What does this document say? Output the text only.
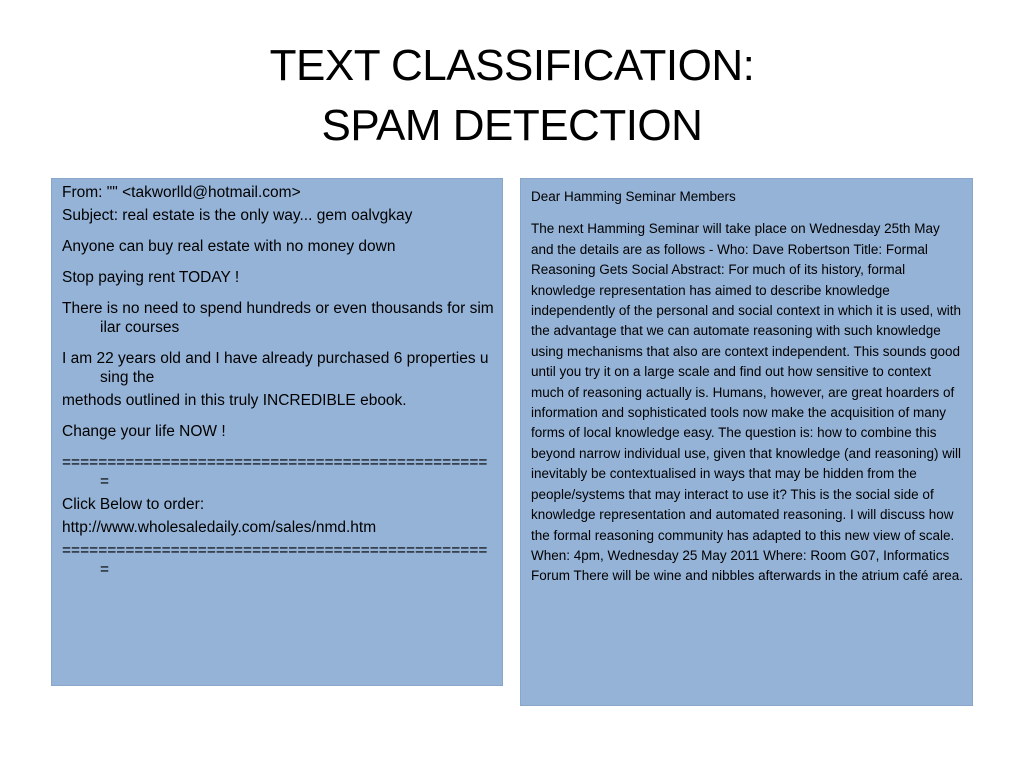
TEXT CLASSIFICATION:
SPAM DETECTION

From: "" <takworlld@hotmail.com>

Subject: real estate is the only way... gem oalvgkay

Anyone can buy real estate with no money down

Stop paying rent TODAY !

There is no need to spend hundreds or even thousands for similar courses

I am 22 years old and I have already purchased 6 properties using the

methods outlined in this truly INCREDIBLE ebook.

Change your life NOW !

================================================

Click Below to order:

http://www.wholesaledaily.com/sales/nmd.htm

================================================

Dear Hamming Seminar Members

The next Hamming Seminar will take place on Wednesday 25th May and the details are as follows - Who: Dave Robertson Title: Formal Reasoning Gets Social Abstract: For much of its history, formal knowledge representation has aimed to describe knowledge independently of the personal and social context in which it is used, with the advantage that we can automate reasoning with such knowledge using mechanisms that also are context independent. This sounds good until you try it on a large scale and find out how sensitive to context much of reasoning actually is. Humans, however, are great hoarders of information and sophisticated tools now make the acquisition of many forms of local knowledge easy. The question is: how to combine this beyond narrow individual use, given that knowledge (and reasoning) will inevitably be contextualised in ways that may be hidden from the people/systems that may interact to use it? This is the social side of knowledge representation and automated reasoning. I will discuss how the formal reasoning community has adapted to this new view of scale. When: 4pm, Wednesday 25 May 2011 Where: Room G07, Informatics Forum There will be wine and nibbles afterwards in the atrium café area.
